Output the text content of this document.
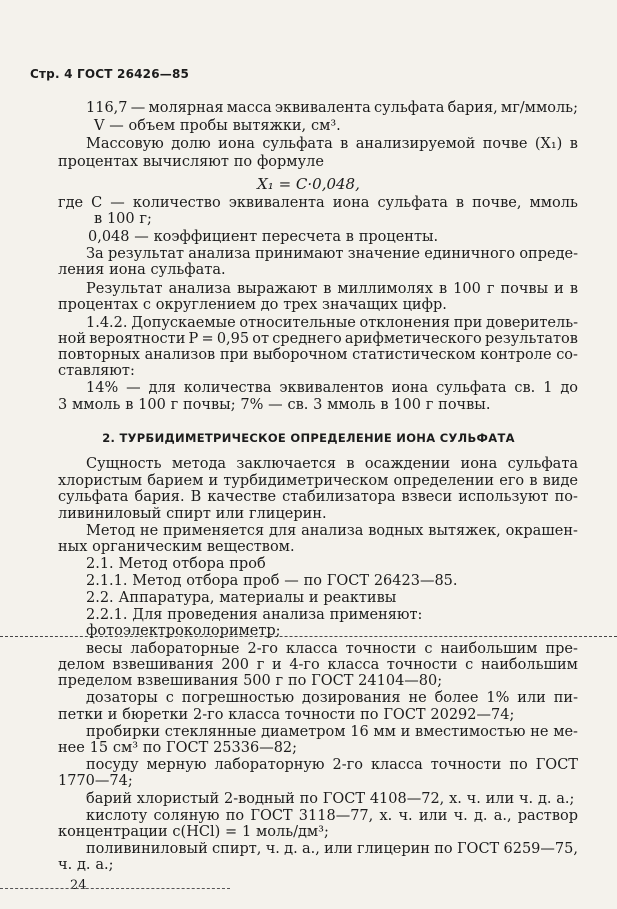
Стр. 4 ГОСТ 26426—85
X₁ = C·0,048,
2. ТУРБИДИМЕТРИЧЕСКОЕ ОПРЕДЕЛЕНИЕ ИОНА СУЛЬФАТА
116,7 — молярная масса эквивалента сульфата бария, мг/ммоль;
V — объем пробы вытяжки, см³.
Массовую долю иона сульфата в анализируемой почве (X₁) в
процентах вычисляют по формуле
где C — количество эквивалента иона сульфата в почве, ммоль
в 100 г;
0,048 — коэффициент пересчета в проценты.
За результат анализа принимают значение единичного опреде-
ления иона сульфата.
Результат анализа выражают в миллимолях в 100 г почвы и в
процентах с округлением до трех значащих цифр.
1.4.2. Допускаемые относительные отклонения при доверитель-
ной вероятности P = 0,95 от среднего арифметического результатов
повторных анализов при выборочном статистическом контроле со-
ставляют:
14% — для количества эквивалентов иона сульфата св. 1 до
3 ммоль в 100 г почвы; 7% — св. 3 ммоль в 100 г почвы.
Сущность метода заключается в осаждении иона сульфата
хлористым барием и турбидиметрическом определении его в виде
сульфата бария. В качестве стабилизатора взвеси используют по-
ливиниловый спирт или глицерин.
Метод не применяется для анализа водных вытяжек, окрашен-
ных органическим веществом.
2.1. Метод отбора проб
2.1.1. Метод отбора проб — по ГОСТ 26423—85.
2.2. Аппаратура, материалы и реактивы
2.2.1. Для проведения анализа применяют:
фотоэлектроколориметр;
весы лабораторные 2-го класса точности с наибольшим пре-
делом взвешивания 200 г и 4-го класса точности с наибольшим
пределом взвешивания 500 г по ГОСТ 24104—80;
дозаторы с погрешностью дозирования не более 1% или пи-
петки и бюретки 2-го класса точности по ГОСТ 20292—74;
пробирки стеклянные диаметром 16 мм и вместимостью не ме-
нее 15 см³ по ГОСТ 25336—82;
посуду мерную лабораторную 2-го класса точности по ГОСТ
1770—74;
барий хлористый 2-водный по ГОСТ 4108—72, х. ч. или ч. д. а.;
кислоту соляную по ГОСТ 3118—77, х. ч. или ч. д. а., раствор
концентрации c(HCl) = 1 моль/дм³;
поливиниловый спирт, ч. д. а., или глицерин по ГОСТ 6259—75,
ч. д. а.;
24
